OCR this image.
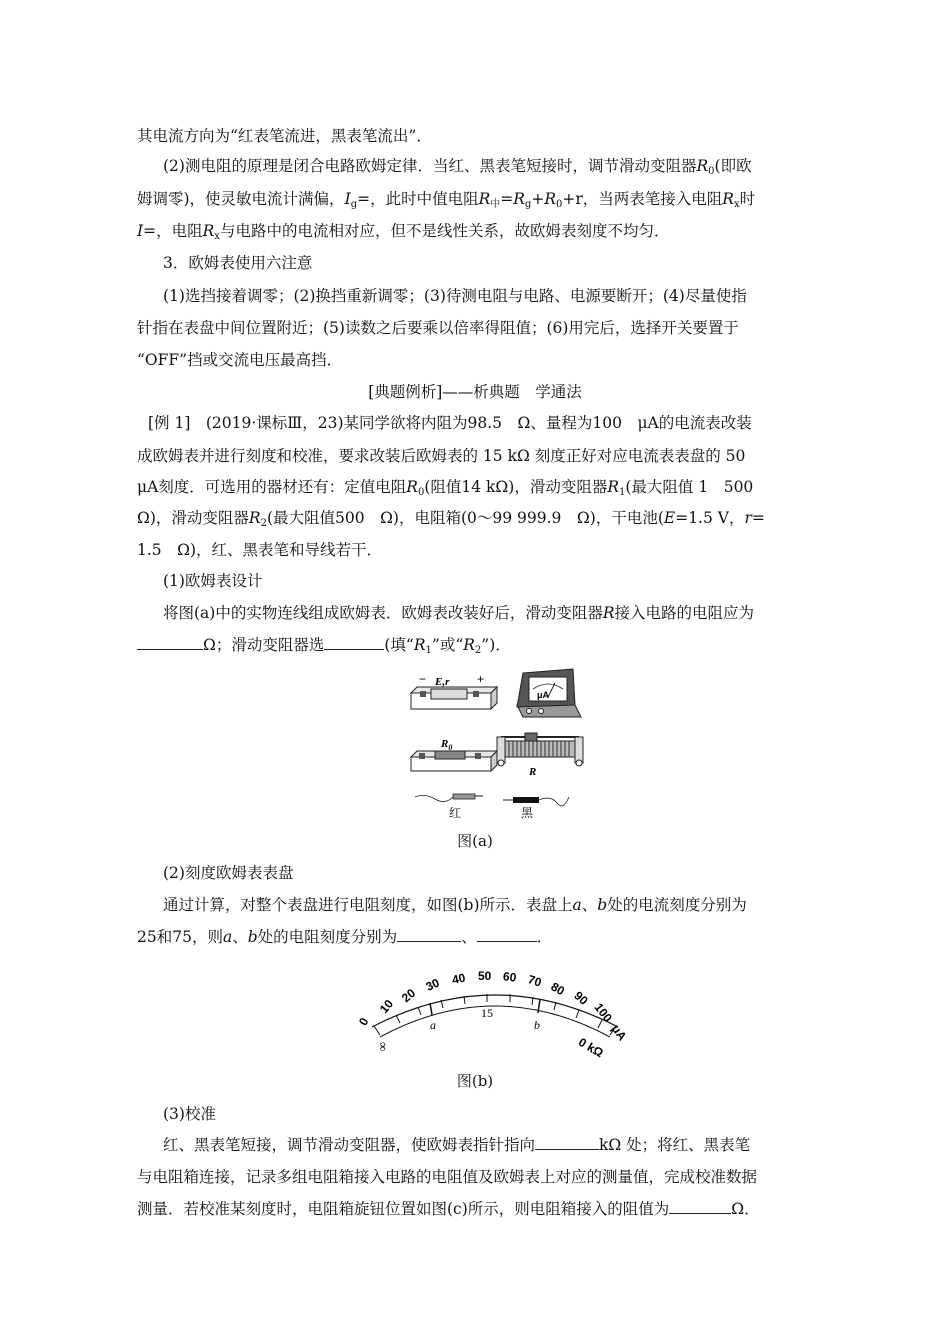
其电流方向为“红表笔流进，黑表笔流出”．
(2)测电阻的原理是闭合电路欧姆定律．当红、黑表笔短接时，调节滑动变阻器$R_0$(即欧
姆调零)，使灵敏电流计满偏，$I_g=$，此时中值电阻$R_中=R_g+R_0+r$，当两表笔接入电阻$R_x$时
I=，电阻$R_x$与电路中的电流相对应，但不是线性关系，故欧姆表刻度不均匀．
3．欧姆表使用六注意
(1)选挡接着调零；(2)换挡重新调零；(3)待测电阻与电路、电源要断开；(4)尽量使指
针指在表盘中间位置附近；(5)读数之后要乘以倍率得阻值；(6)用完后，选择开关要置于
“OFF”挡或交流电压最高挡．
[典题例析]——析典题　学通法
[例 1]　(2019·课标Ⅲ，23)某同学欲将内阻为98.5　Ω、量程为100　μA的电流表改装
成欧姆表并进行刻度和校准，要求改装后欧姆表的 15 kΩ 刻度正好对应电流表表盘的 50
μA刻度．可选用的器材还有：定值电阻$R_0$(阻值14 kΩ)，滑动变阻器$R_1$(最大阻值 1　500
Ω)，滑动变阻器$R_2$(最大阻值500　Ω)，电阻箱(0～99 999.9　Ω)，干电池(E=1.5 V，r=
1.5　Ω)，红、黑表笔和导线若干．
(1)欧姆表设计
将图(a)中的实物连线组成欧姆表．欧姆表改装好后，滑动变阻器R接入电路的电阻应为
Ω；滑动变阻器选	(填“$R_1$”或“$R_2$”)．
E,r
−	+
μA
$R_0$
R
红	黑
图(a)
(2)刻度欧姆表表盘
通过计算，对整个表盘进行电阻刻度，如图(b)所示．表盘上a、b处的电流刻度分别为
25和75，则a、b处的电阻刻度分别为	、	．
0
10
20
30 40 50 60 70 80 90
100
μA
15
a	b
∞	0 kΩ
图(b)
(3)校准
红、黑表笔短接，调节滑动变阻器，使欧姆表指针指向	kΩ 处；将红、黑表笔
与电阻箱连接，记录多组电阻箱接入电路的电阻值及欧姆表上对应的测量值，完成校准数据
测量．若校准某刻度时，电阻箱旋钮位置如图(c)所示，则电阻箱接入的阻值为	Ω．
